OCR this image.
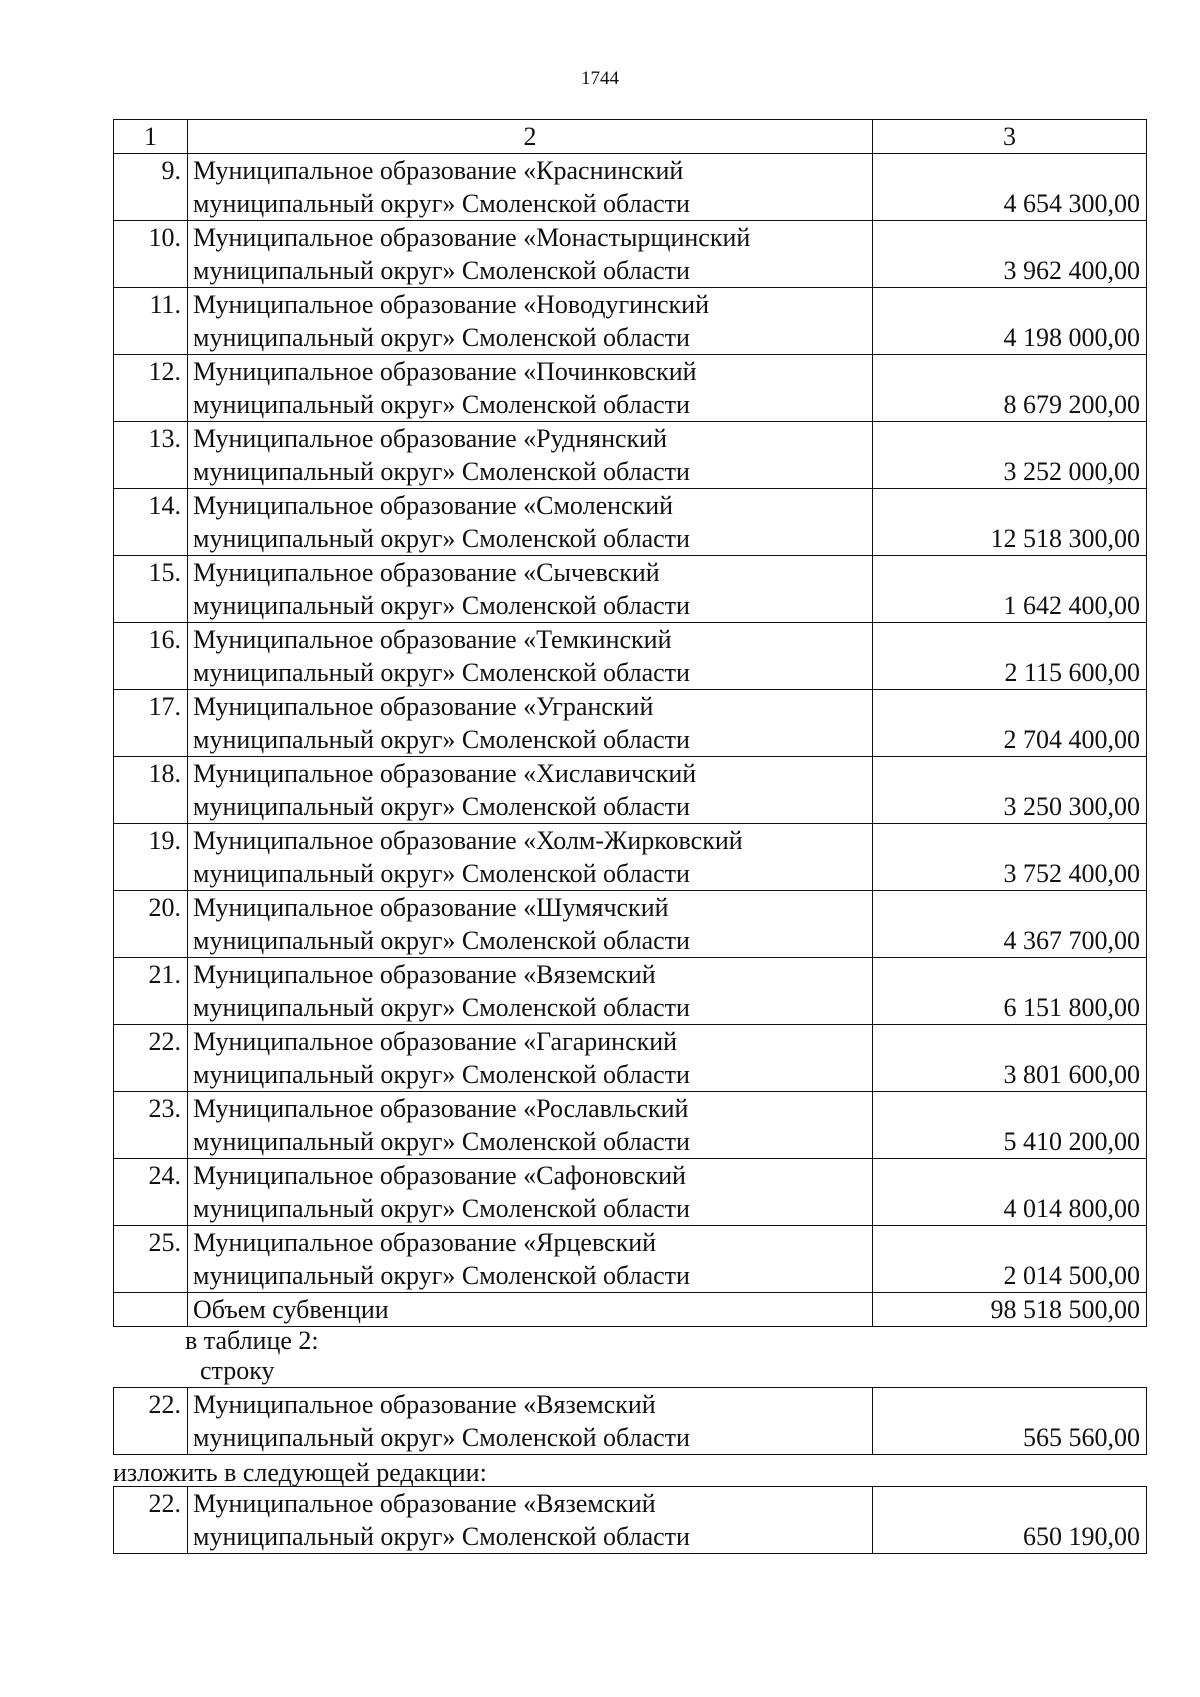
1744
1	2	3
9.	Муниципальное образование «Краснинский
муниципальный округ» Смоленской области	4 654 300,00
10.	Муниципальное образование «Монастырщинский
муниципальный округ» Смоленской области	3 962 400,00
11.	Муниципальное образование «Новодугинский
муниципальный округ» Смоленской области	4 198 000,00
12.	Муниципальное образование «Починковский
муниципальный округ» Смоленской области	8 679 200,00
13.	Муниципальное образование «Руднянский
муниципальный округ» Смоленской области	3 252 000,00
14.	Муниципальное образование «Смоленский
муниципальный округ» Смоленской области	12 518 300,00
15.	Муниципальное образование «Сычевский
муниципальный округ» Смоленской области	1 642 400,00
16.	Муниципальное образование «Темкинский
муниципальный округ» Смоленской области	2 115 600,00
17.	Муниципальное образование «Угранский
муниципальный округ» Смоленской области	2 704 400,00
18.	Муниципальное образование «Хиславичский
муниципальный округ» Смоленской области	3 250 300,00
19.	Муниципальное образование «Холм-Жирковский
муниципальный округ» Смоленской области	3 752 400,00
20.	Муниципальное образование «Шумячский
муниципальный округ» Смоленской области	4 367 700,00
21.	Муниципальное образование «Вяземский
муниципальный округ» Смоленской области	6 151 800,00
22.	Муниципальное образование «Гагаринский
муниципальный округ» Смоленской области	3 801 600,00
23.	Муниципальное образование «Рославльский
муниципальный округ» Смоленской области	5 410 200,00
24.	Муниципальное образование «Сафоновский
муниципальный округ» Смоленской области	4 014 800,00
25.	Муниципальное образование «Ярцевский
муниципальный округ» Смоленской области	2 014 500,00
	Объем субвенции	98 518 500,00
в таблице 2:
строку
22.	Муниципальное образование «Вяземский
муниципальный округ» Смоленской области	565 560,00
изложить в следующей редакции:
22.	Муниципальное образование «Вяземский
муниципальный округ» Смоленской области	650 190,00
